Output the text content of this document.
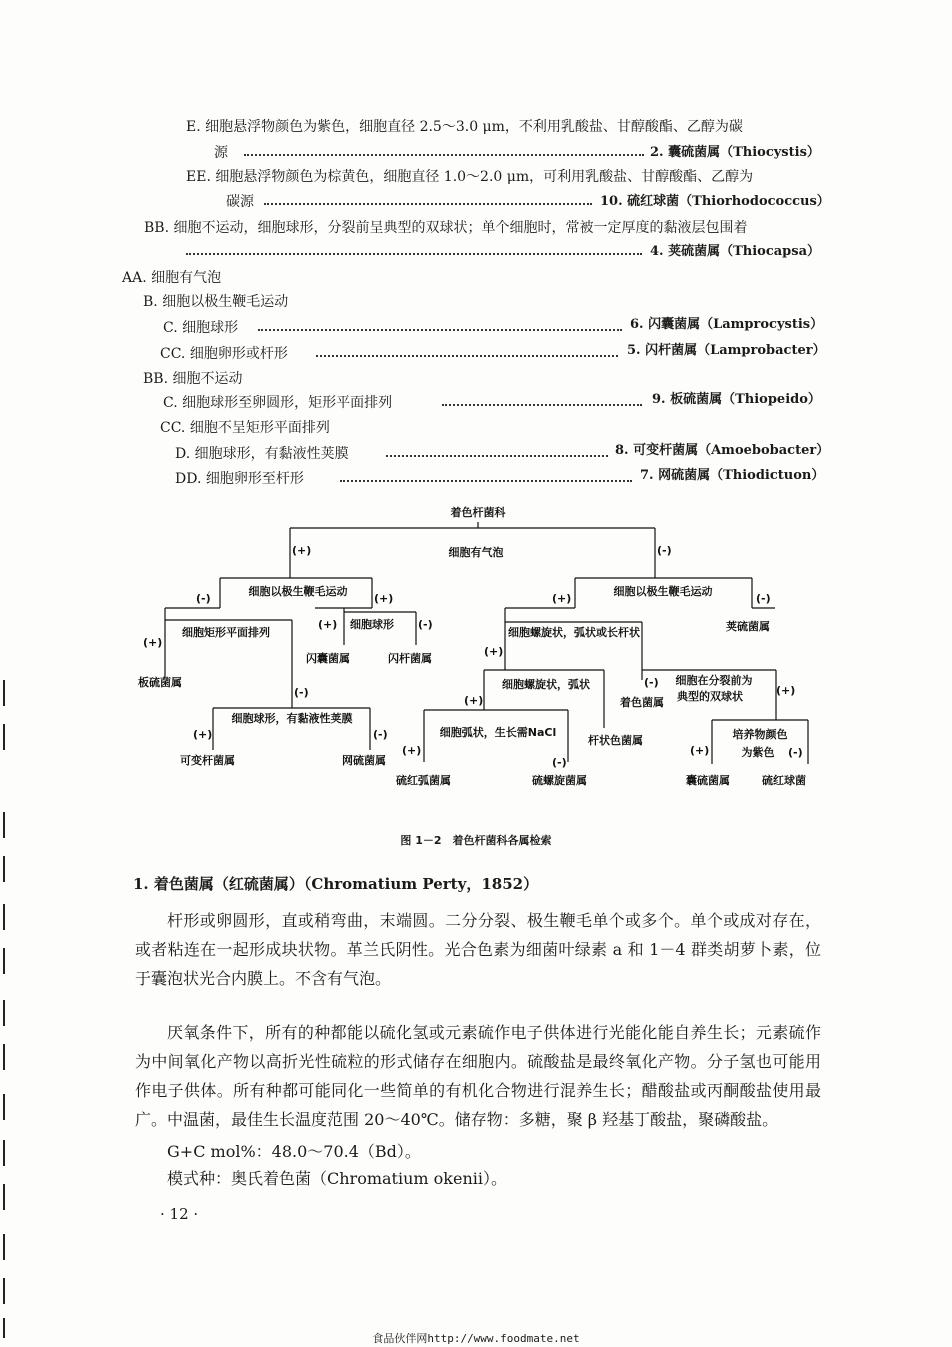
E. 细胞悬浮物颜色为紫色，细胞直径 2.5～3.0 μm，不利用乳酸盐、甘醇酸酯、乙醇为碳
源	2. 囊硫菌属（Thiocystis）
EE. 细胞悬浮物颜色为棕黄色，细胞直径 1.0～2.0 μm，可利用乳酸盐、甘醇酸酯、乙醇为
碳源	10. 硫红球菌（Thiorhodococcus）
BB. 细胞不运动，细胞球形，分裂前呈典型的双球状；单个细胞时，常被一定厚度的黏液层包围着
4. 荚硫菌属（Thiocapsa）
AA. 细胞有气泡
B. 细胞以极生鞭毛运动
C. 细胞球形	6. 闪囊菌属（Lamprocystis）
CC. 细胞卵形或杆形	5. 闪杆菌属（Lamprobacter）
BB. 细胞不运动
C. 细胞球形至卵圆形，矩形平面排列	9. 板硫菌属（Thiopeido）
CC. 细胞不呈矩形平面排列
D. 细胞球形，有黏液性荚膜	8. 可变杆菌属（Amoebobacter）
DD. 细胞卵形至杆形	7. 网硫菌属（Thiodictuon）
着色杆菌科
(+)	(-)
细胞有气泡
细胞以极生鞭毛运动
(-)	(+)
细胞矩形平面排列
(+)
板硫菌属
(-)
细胞球形
(+)	(-)
闪囊菌属	闪杆菌属
细胞球形，有黏液性荚膜
(+)	(-)
可变杆菌属	网硫菌属
细胞以极生鞭毛运动
(+)	(-)
荚硫菌属
细胞螺旋状，弧状或长杆状
(+)
(-) 细胞在分裂前为
典型的双球状	(+)
着色菌属
细胞螺旋状，弧状
(+)
杆状色菌属
细胞弧状，生长需NaCl
(+)
(-)
硫红弧菌属	硫螺旋菌属
培养物颜色
为紫色
(+)	(-)
囊硫菌属	硫红球菌
图 1－2　着色杆菌科各属检索
1. 着色菌属（红硫菌属）（Chromatium Perty，1852）
杆形或卵圆形，直或稍弯曲，末端圆。二分分裂、极生鞭毛单个或多个。单个或成对存在，或者粘连在一起形成块状物。革兰氏阴性。光合色素为细菌叶绿素 a 和 1－4 群类胡萝卜素，位于囊泡状光合内膜上。不含有气泡。
厌氧条件下，所有的种都能以硫化氢或元素硫作电子供体进行光能化能自养生长；元素硫作为中间氧化产物以高折光性硫粒的形式储存在细胞内。硫酸盐是最终氧化产物。分子氢也可能用作电子供体。所有种都可能同化一些简单的有机化合物进行混养生长；醋酸盐或丙酮酸盐使用最广。中温菌，最佳生长温度范围 20～40℃。储存物：多糖，聚 β 羟基丁酸盐，聚磷酸盐。
G+C mol%：48.0～70.4（Bd）。
模式种：奥氏着色菌（Chromatium okenii）。
· 12 ·
食品伙伴网http://www.foodmate.net
